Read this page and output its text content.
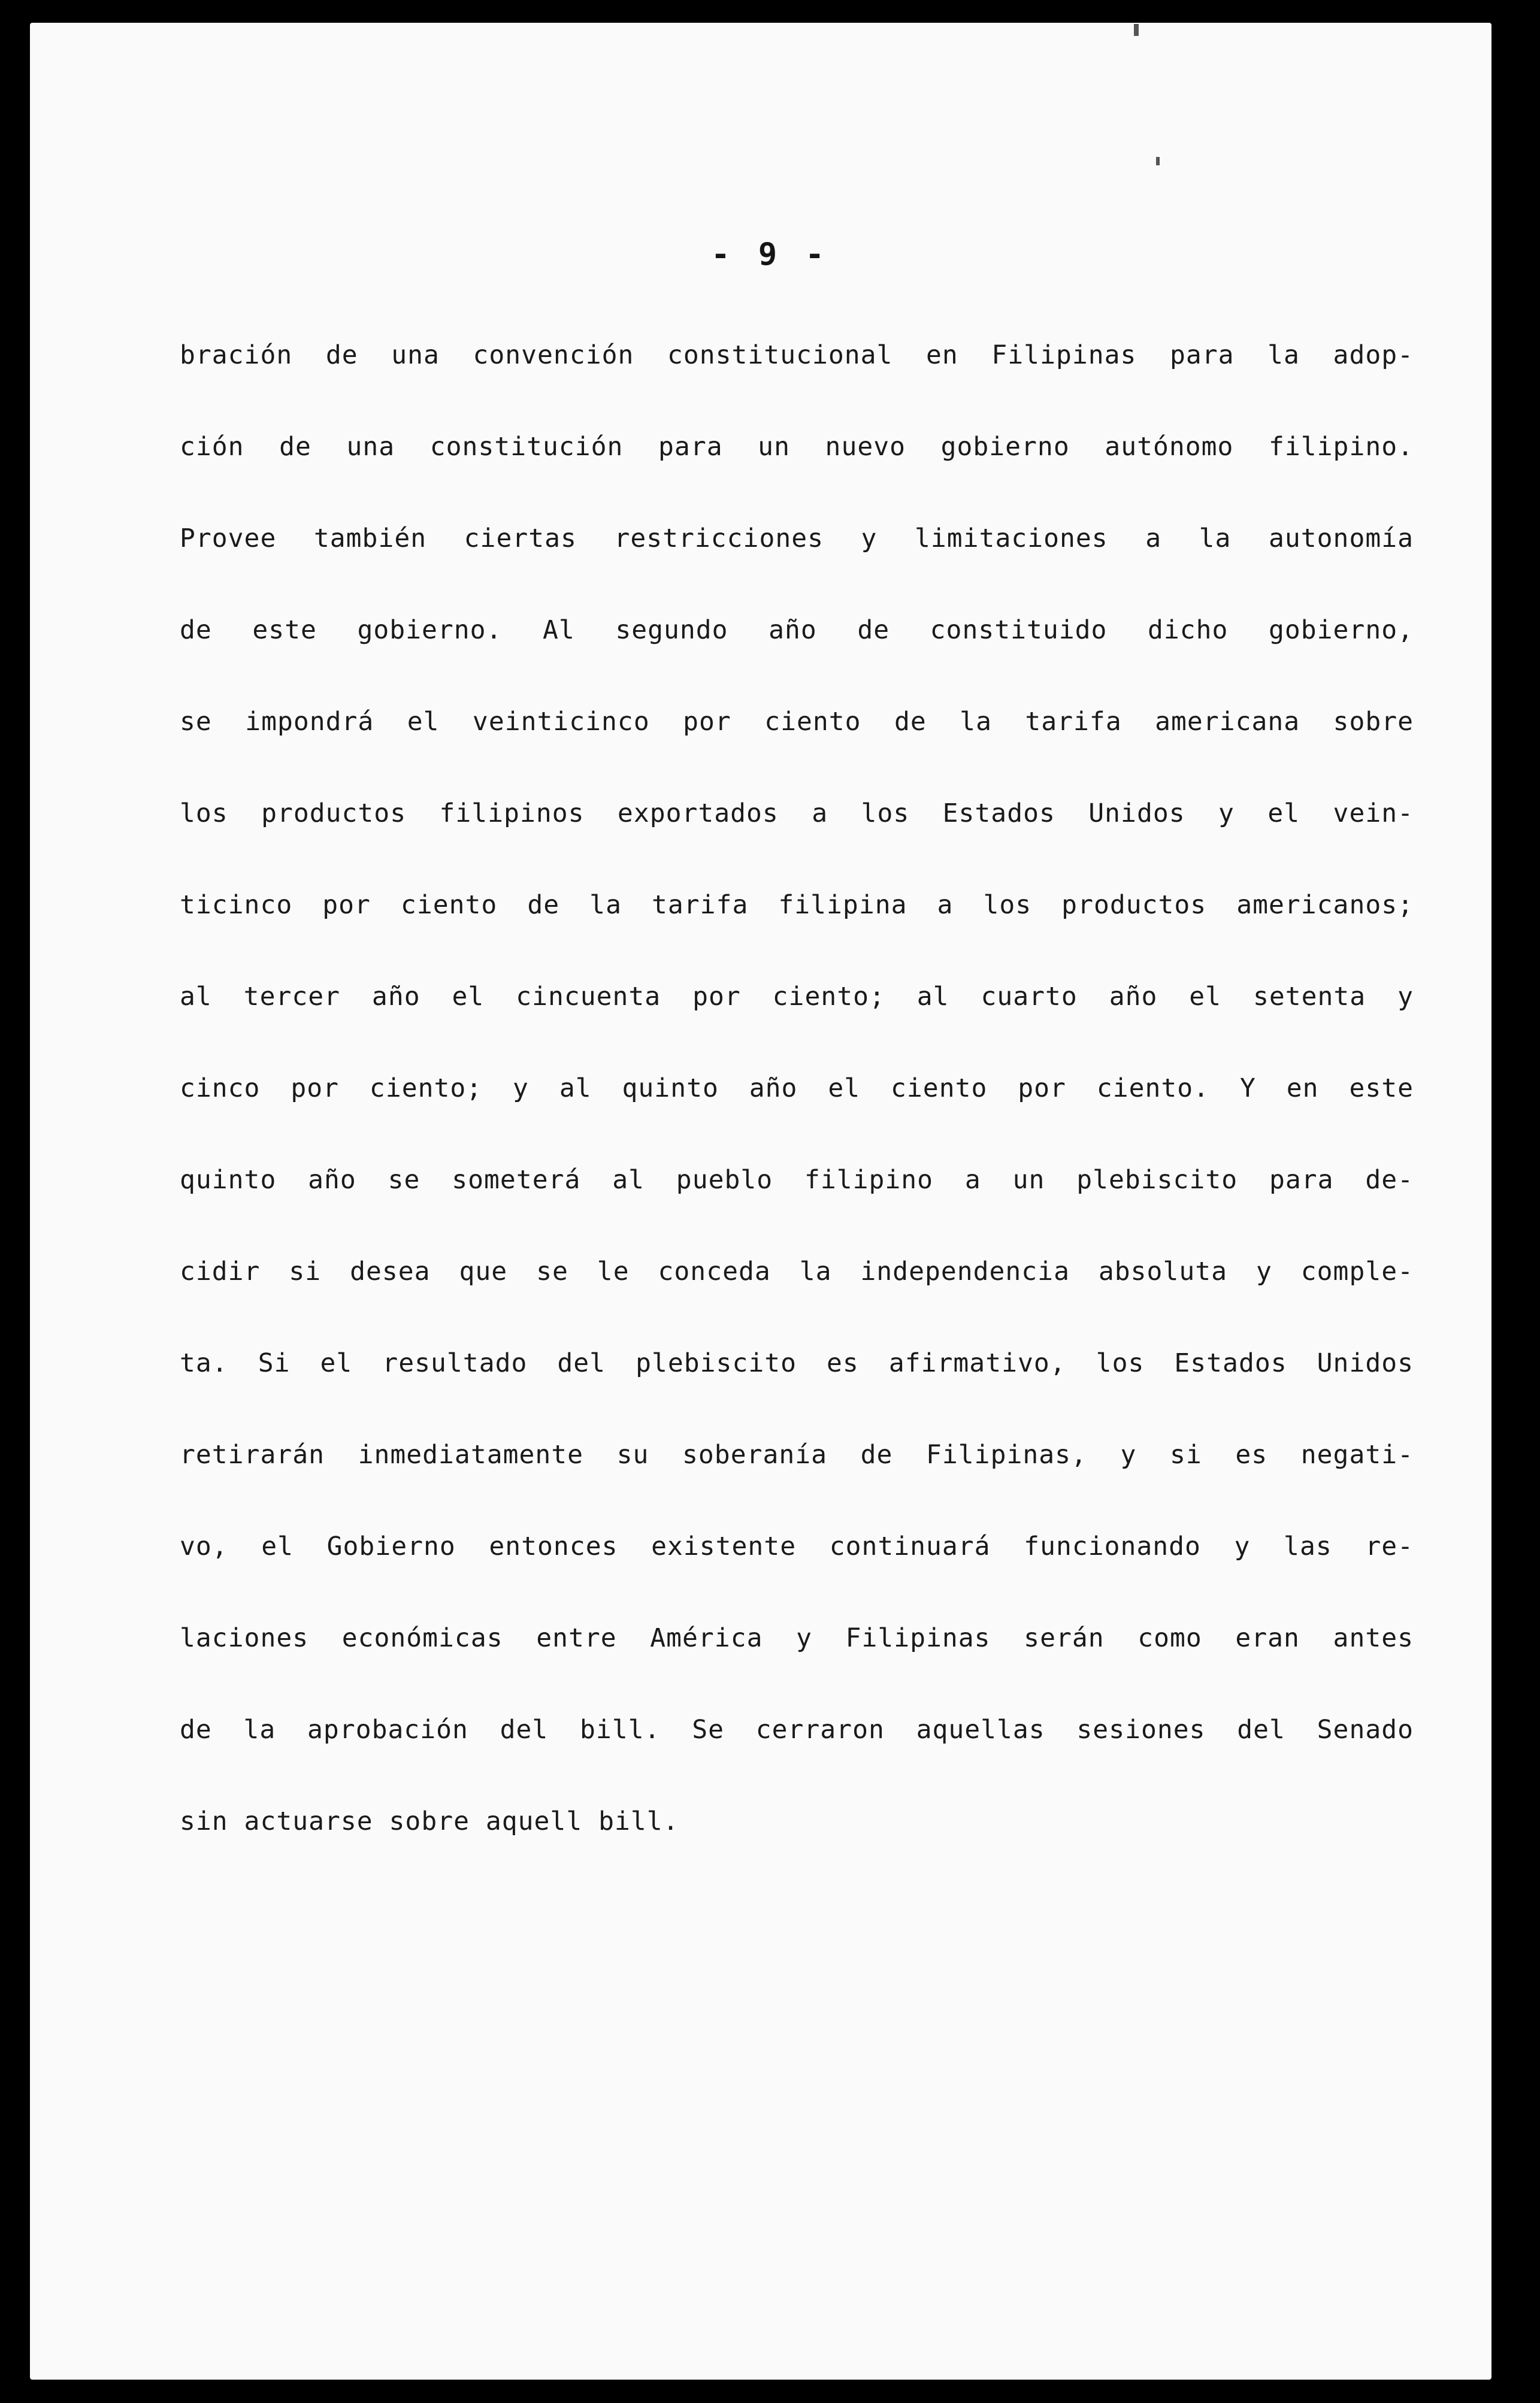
- 9 -
bración de una convención constitucional en Filipinas para la adop-
ción de una constitución para un nuevo gobierno autónomo filipino.
Provee también ciertas restricciones y limitaciones a la autonomía
de este gobierno. Al segundo año de constituido dicho gobierno,
se impondrá el veinticinco por ciento de la tarifa americana sobre
los productos filipinos exportados a los Estados Unidos y el vein-
ticinco por ciento de la tarifa filipina a los productos americanos;
al tercer año el cincuenta por ciento; al cuarto año el setenta y
cinco por ciento; y al quinto año el ciento por ciento. Y en este
quinto año se someterá al pueblo filipino a un plebiscito para de-
cidir si desea que se le conceda la independencia absoluta y comple-
ta. Si el resultado del plebiscito es afirmativo, los Estados Unidos
retirarán inmediatamente su soberanía de Filipinas, y si es negati-
vo, el Gobierno entonces existente continuará funcionando y las re-
laciones económicas entre América y Filipinas serán como eran antes
de la aprobación del bill. Se cerraron aquellas sesiones del Senado
sin actuarse sobre aquell bill.
